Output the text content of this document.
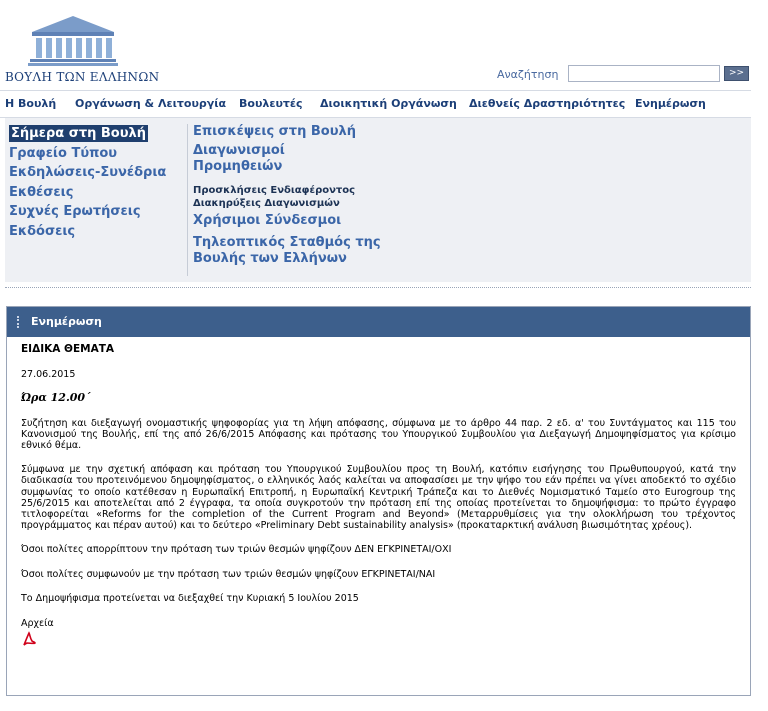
ΒΟΥΛΗ ΤΩΝ ΕΛΛΗΝΩΝ	Αναζήτηση	>>
Η Βουλή Οργάνωση & Λειτουργία Βουλευτές Διοικητική Οργάνωση Διεθνείς Δραστηριότητες Ενημέρωση
Σήμερα στη Βουλή
Γραφείο Τύπου
Εκδηλώσεις-Συνέδρια
Εκθέσεις
Συχνές Ερωτήσεις
Εκδόσεις
Επισκέψεις στη Βουλή
Διαγωνισμοί
Προμηθειών
Προσκλήσεις Ενδιαφέροντος
Διακηρύξεις Διαγωνισμών
Χρήσιμοι Σύνδεσμοι
Τηλεοπτικός Σταθμός της
Βουλής των Ελλήνων
Ενημέρωση
ΕΙΔΙΚΑ ΘΕΜΑΤΑ
27.06.2015
Ώρα 12.00΄

Συζήτηση και διεξαγωγή ονομαστικής ψηφοφορίας για τη λήψη απόφασης, σύμφωνα με το άρθρο 44 παρ. 2 εδ. α' του Συντάγματος και 115 του Κανονισμού της Βουλής, επί της από 26/6/2015 Απόφασης και πρότασης του Υπουργικού Συμβουλίου για Διεξαγωγή Δημοψηφίσματος για κρίσιμο εθνικό θέμα.

Σύμφωνα με την σχετική απόφαση και πρόταση του Υπουργικού Συμβουλίου προς τη Βουλή, κατόπιν εισήγησης του Πρωθυπουργού, κατά την διαδικασία του προτεινόμενου δημοψηφίσματος, ο ελληνικός λαός καλείται να αποφασίσει με την ψήφο του εάν πρέπει να γίνει αποδεκτό το σχέδιο συμφωνίας το οποίο κατέθεσαν η Ευρωπαϊκή Επιτροπή, η Ευρωπαϊκή Κεντρική Τράπεζα και το Διεθνές Νομισματικό Ταμείο στο Eurogroup της 25/6/2015 και αποτελείται από 2 έγγραφα, τα οποία συγκροτούν την πρόταση επί της οποίας προτείνεται το δημοψήφισμα: το πρώτο έγγραφο τιτλοφορείται «Reforms for the completion of the Current Program and Beyond» (Μεταρρυθμίσεις για την ολοκλήρωση του τρέχοντος προγράμματος και πέραν αυτού) και το δεύτερο «Preliminary Debt sustainability analysis» (προκαταρκτική ανάλυση βιωσιμότητας χρέους).

Όσοι πολίτες απορρίπτουν την πρόταση των τριών θεσμών ψηφίζουν ΔΕΝ ΕΓΚΡΙΝΕΤΑΙ/ΟΧΙ

Όσοι πολίτες συμφωνούν με την πρόταση των τριών θεσμών ψηφίζουν ΕΓΚΡΙΝΕΤΑΙ/ΝΑΙ

Το Δημοψήφισμα προτείνεται να διεξαχθεί την Κυριακή 5 Ιουλίου 2015

Αρχεία
